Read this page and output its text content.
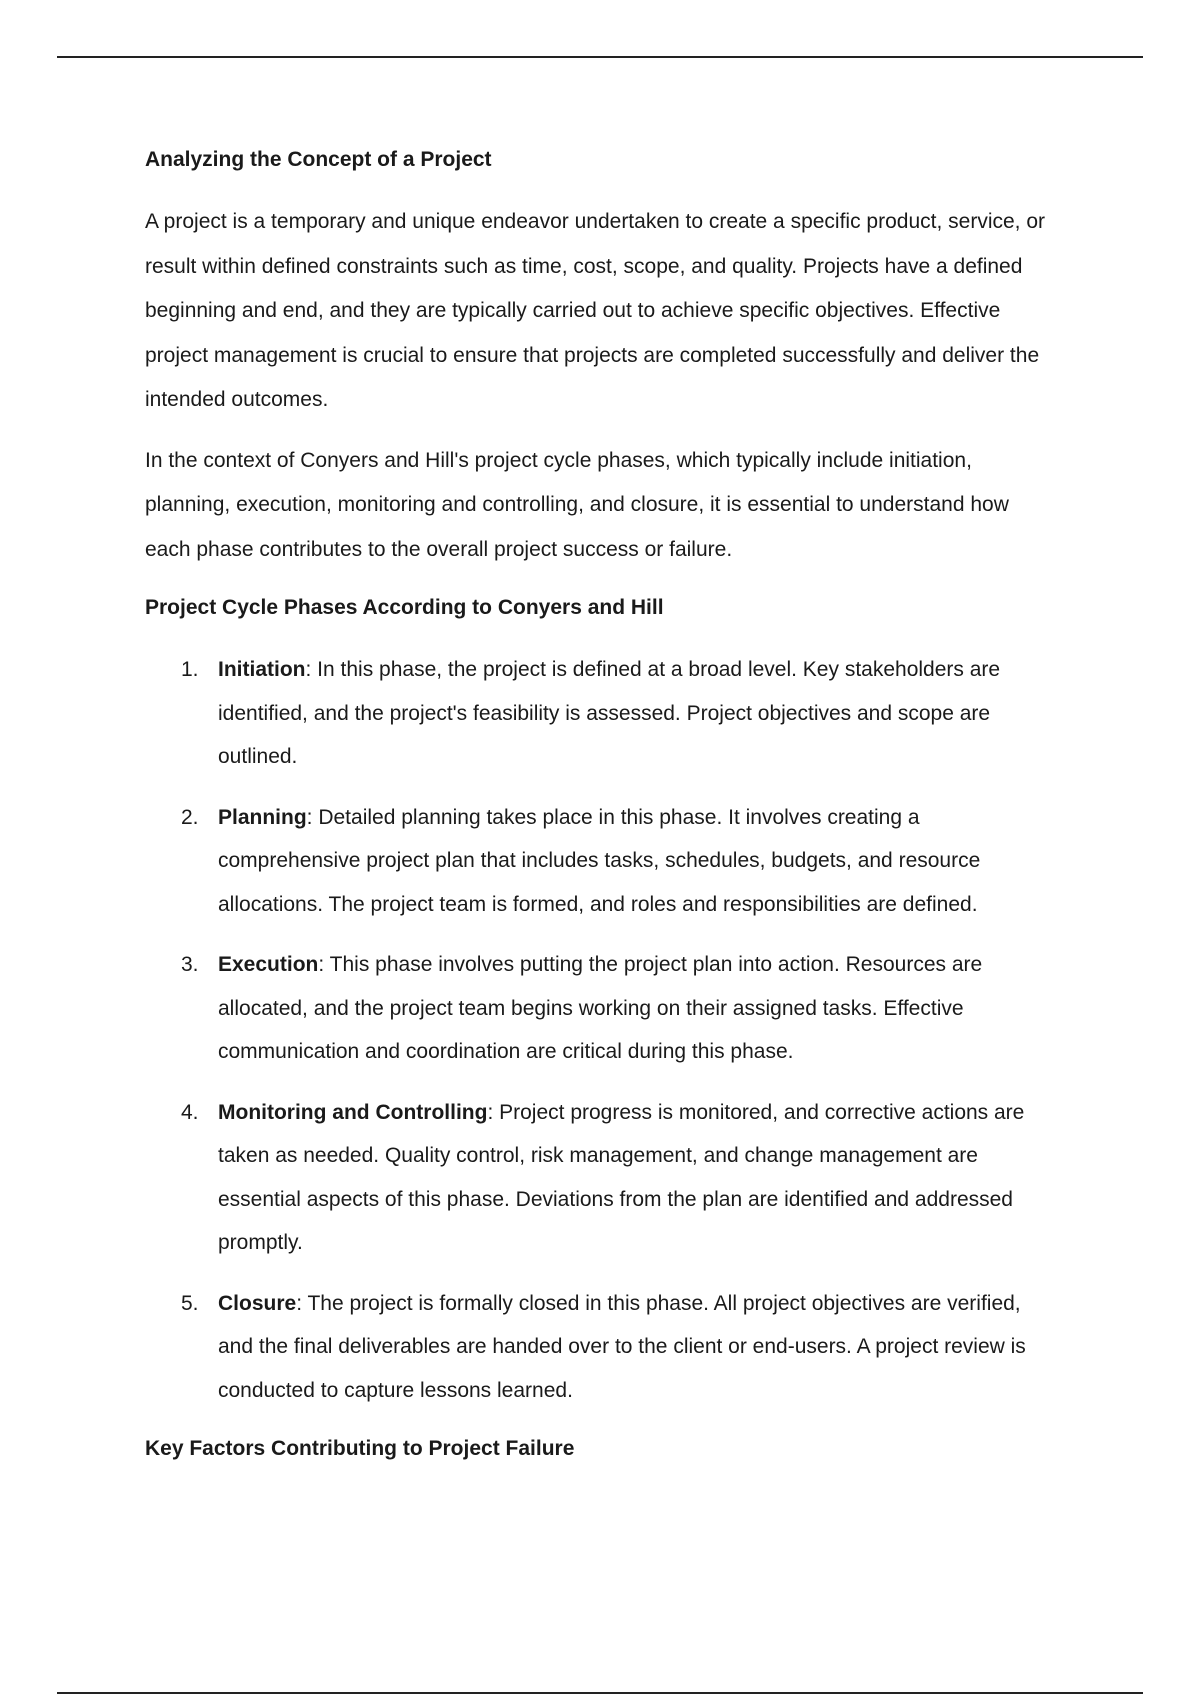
Analyzing the Concept of a Project

A project is a temporary and unique endeavor undertaken to create a specific product, service, or result within defined constraints such as time, cost, scope, and quality. Projects have a defined beginning and end, and they are typically carried out to achieve specific objectives. Effective project management is crucial to ensure that projects are completed successfully and deliver the intended outcomes.

In the context of Conyers and Hill's project cycle phases, which typically include initiation, planning, execution, monitoring and controlling, and closure, it is essential to understand how each phase contributes to the overall project success or failure.

Project Cycle Phases According to Conyers and Hill
1. Initiation: In this phase, the project is defined at a broad level. Key stakeholders are identified, and the project's feasibility is assessed. Project objectives and scope are outlined.
2. Planning: Detailed planning takes place in this phase. It involves creating a comprehensive project plan that includes tasks, schedules, budgets, and resource allocations. The project team is formed, and roles and responsibilities are defined.
3. Execution: This phase involves putting the project plan into action. Resources are allocated, and the project team begins working on their assigned tasks. Effective communication and coordination are critical during this phase.
4. Monitoring and Controlling: Project progress is monitored, and corrective actions are taken as needed. Quality control, risk management, and change management are essential aspects of this phase. Deviations from the plan are identified and addressed promptly.
5. Closure: The project is formally closed in this phase. All project objectives are verified, and the final deliverables are handed over to the client or end-users. A project review is conducted to capture lessons learned.
Key Factors Contributing to Project Failure
